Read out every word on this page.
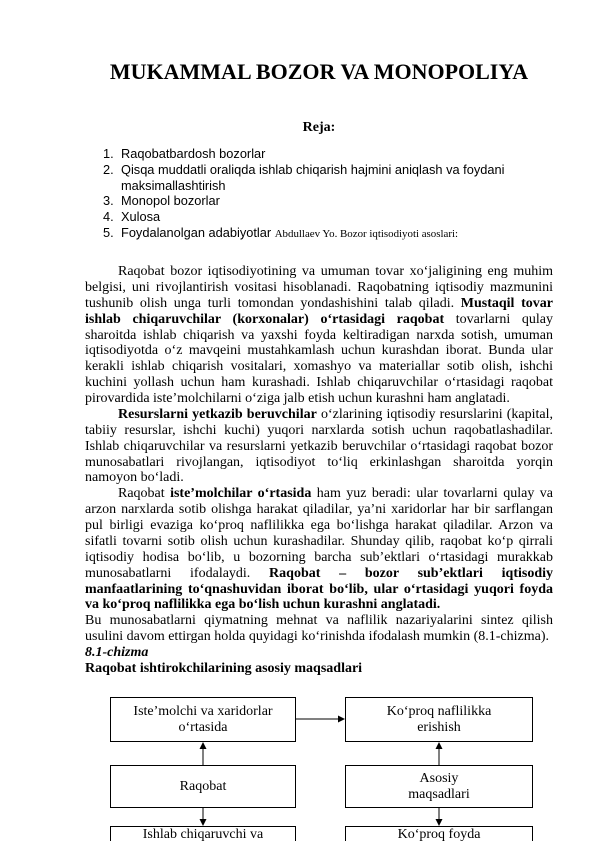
MUKAMMAL BOZOR VA MONOPOLIYA
Reja:
1. Raqobatbardosh bozorlar
2. Qisqa muddatli oraliqda ishlab chiqarish hajmini aniqlash va foydani maksimallashtirish
3. Monopol bozorlar
4. Xulosa
5. Foydalanolgan adabiyotlar Abdullaev Yo. Bozor iqtisodiyoti asoslari:

Raqobat bozor iqtisodiyotining va umuman tovar xo‘jaligining eng muhim belgisi, uni rivojlantirish vositasi hisoblanadi. Raqobatning iqtisodiy mazmunini tushunib olish unga turli tomondan yondashishini talab qiladi. Mustaqil tovar ishlab chiqaruvchilar (korxonalar) o‘rtasidagi raqobat tovarlarni qulay sharoitda ishlab chiqarish va yaxshi foyda keltiradigan narxda sotish, umuman iqtisodiyotda o‘z mavqeini mustahkamlash uchun kurashdan iborat. Bunda ular kerakli ishlab chiqarish vositalari, xomashyo va materiallar sotib olish, ishchi kuchini yollash uchun ham kurashadi. Ishlab chiqaruvchilar o‘rtasidagi raqobat pirovardida iste’molchilarni o‘ziga jalb etish uchun kurashni ham anglatadi.

Resurslarni yetkazib beruvchilar o‘zlarining iqtisodiy resurslarini (kapital, tabiiy resurslar, ishchi kuchi) yuqori narxlarda sotish uchun raqobatlashadilar. Ishlab chiqaruvchilar va resurslarni yetkazib beruvchilar o‘rtasidagi raqobat bozor munosabatlari rivojlangan, iqtisodiyot to‘liq erkinlashgan sharoitda yorqin namoyon bo‘ladi.

Raqobat iste’molchilar o‘rtasida ham yuz beradi: ular tovarlarni qulay va arzon narxlarda sotib olishga harakat qiladilar, ya’ni xaridorlar har bir sarflangan pul birligi evaziga ko‘proq naflilikka ega bo‘lishga harakat qiladilar. Arzon va sifatli tovarni sotib olish uchun kurashadilar. Shunday qilib, raqobat ko‘p qirrali iqtisodiy hodisa bo‘lib, u bozorning barcha sub’ektlari o‘rtasidagi murakkab munosabatlarni ifodalaydi. Raqobat – bozor sub’ektlari iqtisodiy manfaatlarining to‘qnashuvidan iborat bo‘lib, ular o‘rtasidagi yuqori foyda va ko‘proq naflilikka ega bo‘lish uchun kurashni anglatadi.

Bu munosabatlarni qiymatning mehnat va naflilik nazariyalarini sintez qilish usulini davom ettirgan holda quyidagi ko‘rinishda ifodalash mumkin (8.1-chizma).

8.1-chizma

Raqobat ishtirokchilarining asosiy maqsadlari

Iste’molchi va xaridorlar
o‘rtasida
Ko‘proq naflilikka
erishish
Raqobat
Asosiy
maqsadlari
Ishlab chiqaruvchi va	Ko‘proq foyda
